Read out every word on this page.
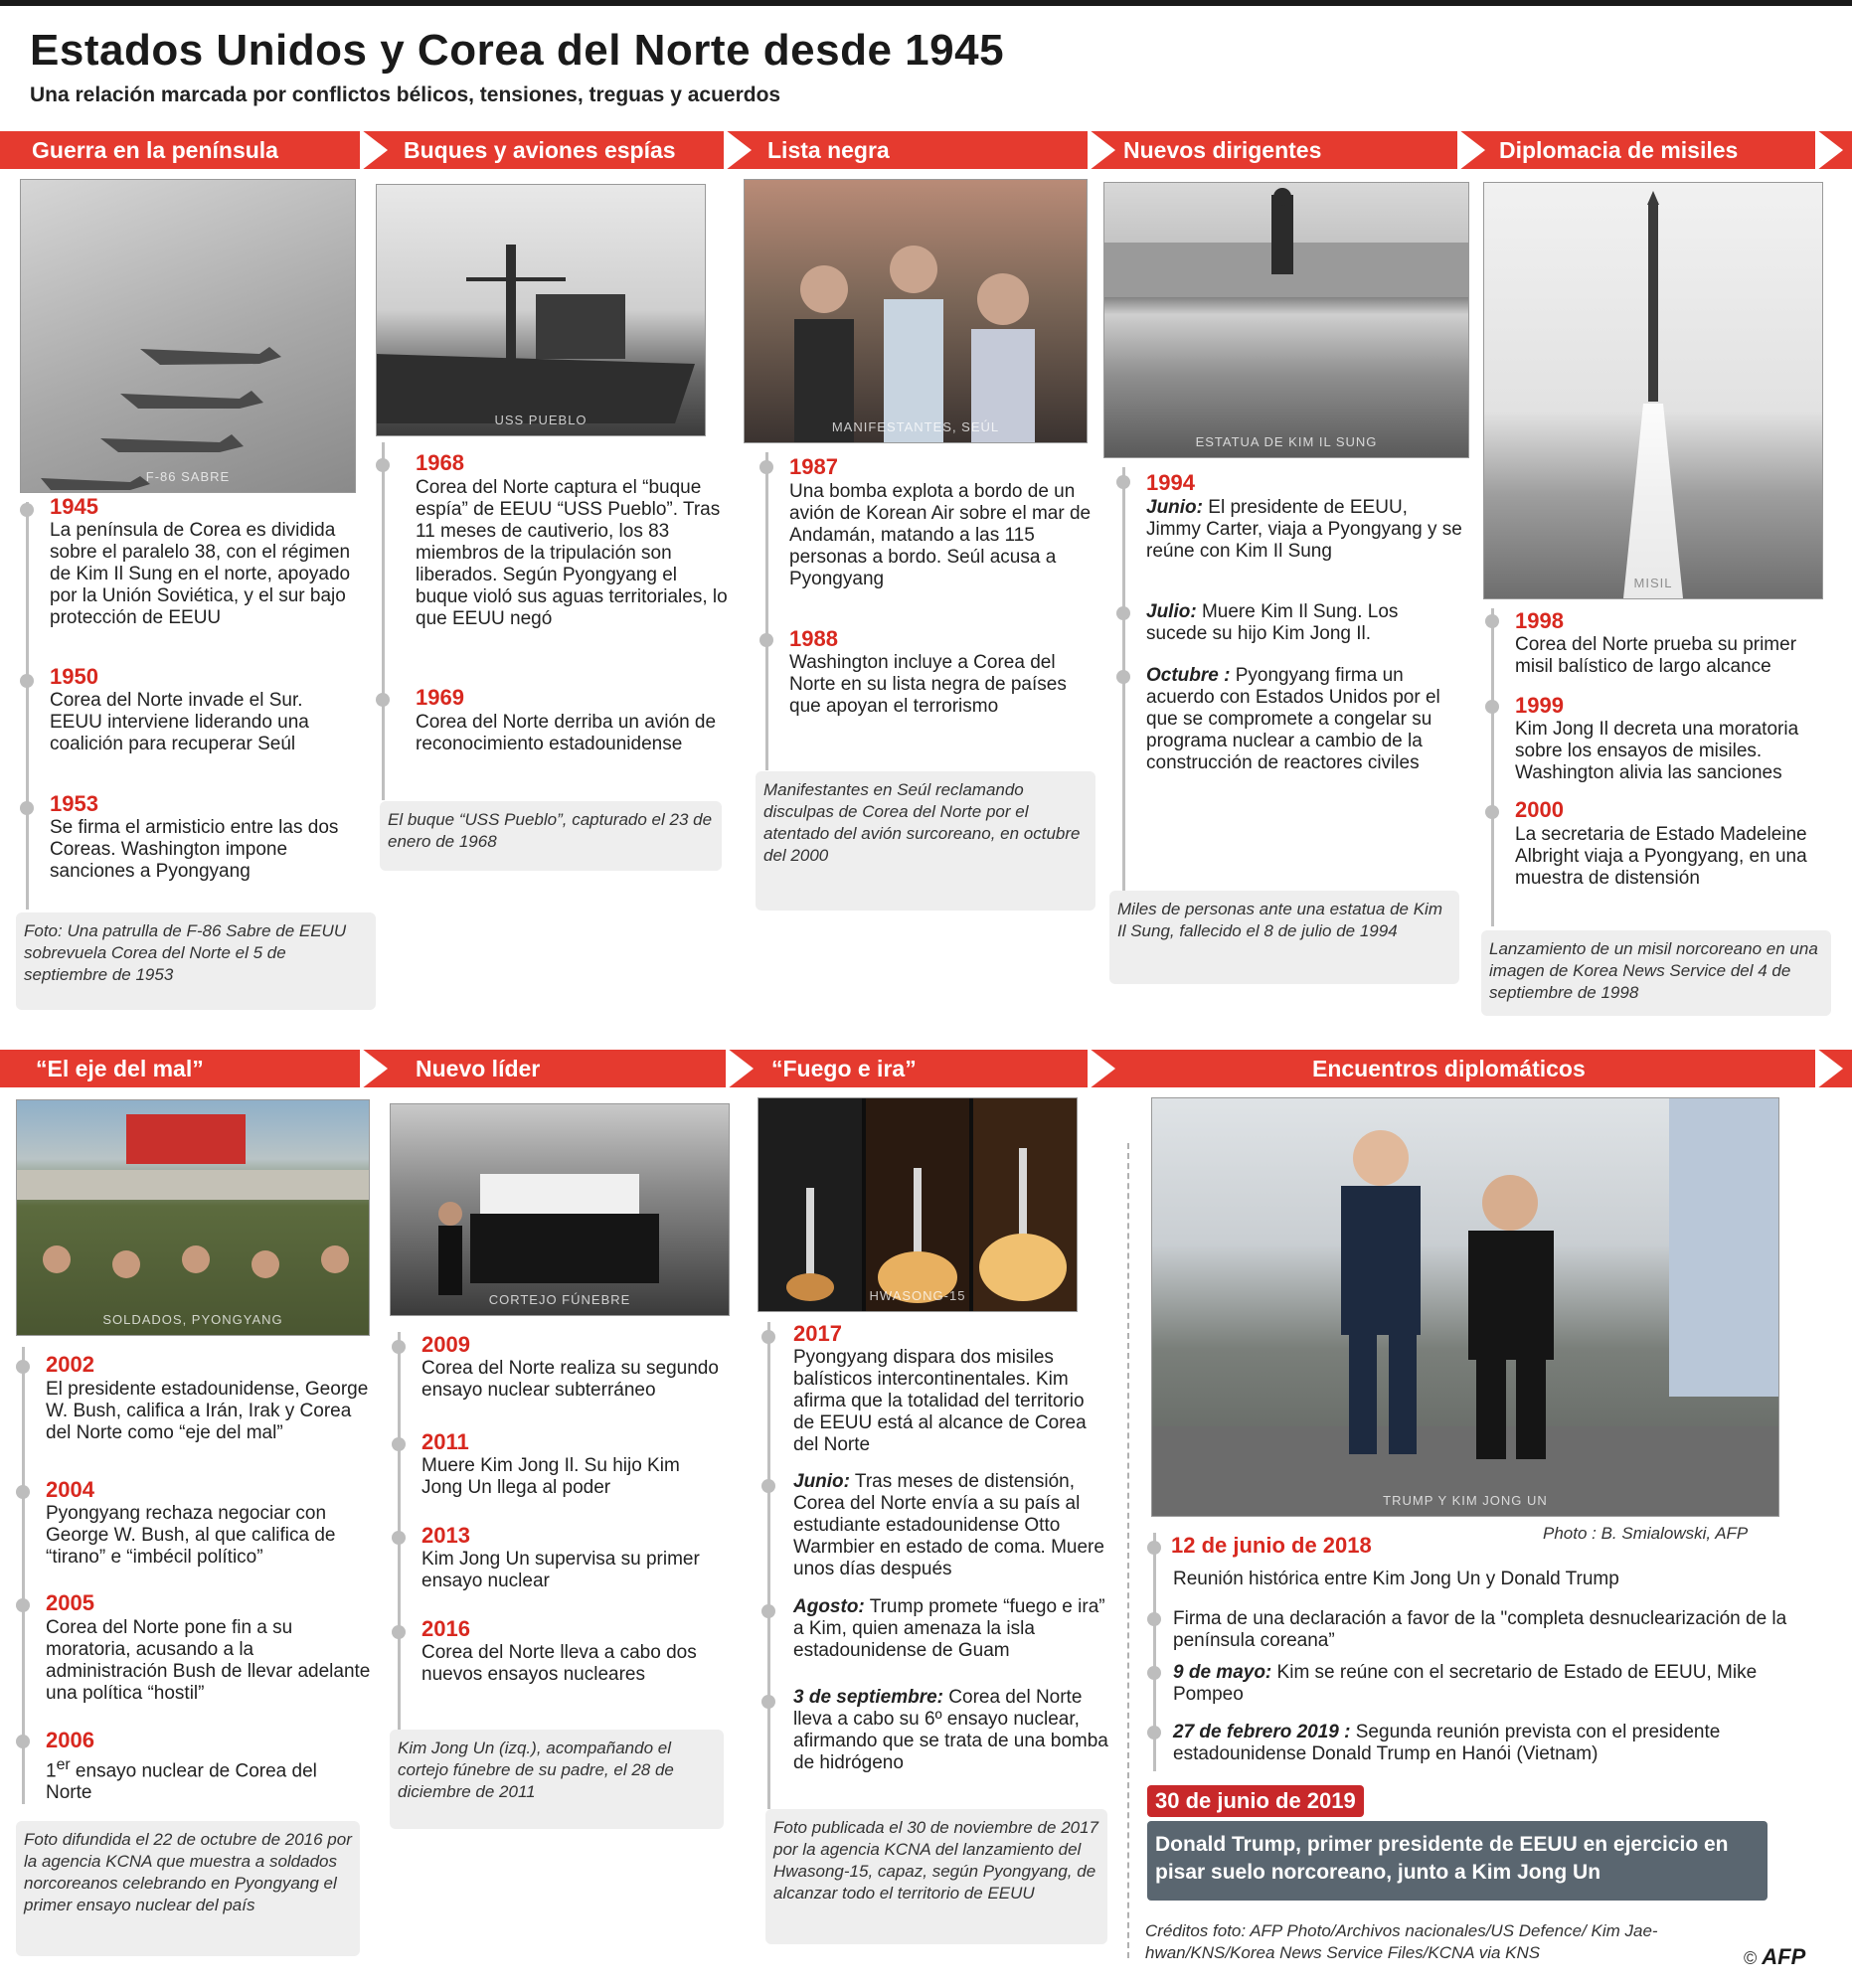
Estados Unidos y Corea del Norte desde 1945
Una relación marcada por conflictos bélicos, tensiones, treguas y acuerdos
Guerra en la península	Buques y aviones espías	Lista negra	Nuevos dirigentes	Diplomacia de misiles
F-86 SABRE
1945
La península de Corea es dividida sobre el paralelo 38, con el régimen de Kim Il Sung en el norte, apoyado por la Unión Soviética, y el sur bajo protección de EEUU
1950
Corea del Norte invade el Sur. EEUU interviene liderando una coalición para recuperar Seúl
1953
Se firma el armisticio entre las dos Coreas. Washington impone sanciones a Pyongyang
Foto: Una patrulla de F-86 Sabre de EEUU sobrevuela Corea del Norte el 5 de septiembre de 1953
USS PUEBLO
1968
Corea del Norte captura el “buque espía” de EEUU “USS Pueblo”. Tras 11 meses de cautiverio, los 83 miembros de la tripulación son liberados. Según Pyongyang el buque violó sus aguas territoriales, lo que EEUU negó
1969
Corea del Norte derriba un avión de reconocimiento estadounidense
El buque “USS Pueblo”, capturado el 23 de enero de 1968
MANIFESTANTES, SEÚL
1987
Una bomba explota a bordo de un avión de Korean Air sobre el mar de Andamán, matando a las 115 personas a bordo. Seúl acusa a Pyongyang
1988
Washington incluye a Corea del Norte en su lista negra de países que apoyan el terrorismo
Manifestantes en Seúl reclamando disculpas de Corea del Norte por el atentado del avión surcoreano, en octubre del 2000
ESTATUA DE KIM IL SUNG
1994
Junio: El presidente de EEUU, Jimmy Carter, viaja a Pyongyang y se reúne con Kim Il Sung
Julio: Muere Kim Il Sung. Los sucede su hijo Kim Jong Il.
Octubre : Pyongyang firma un acuerdo con Estados Unidos por el que se compromete a congelar su programa nuclear a cambio de la construcción de reactores civiles
Miles de personas ante una estatua de Kim Il Sung, fallecido el 8 de julio de 1994
MISIL
1998
Corea del Norte prueba su primer misil balístico de largo alcance
1999
Kim Jong Il decreta una moratoria sobre los ensayos de misiles. Washington alivia las sanciones
2000
La secretaria de Estado Madeleine Albright viaja a Pyongyang, en una muestra de distensión
Lanzamiento de un misil norcoreano en una imagen de Korea News Service del 4 de septiembre de 1998
“El eje del mal”	Nuevo líder	“Fuego e ira”	Encuentros diplomáticos
SOLDADOS, PYONGYANG
2002
El presidente estadounidense, George W. Bush, califica a Irán, Irak y Corea del Norte como “eje del mal”
2004
Pyongyang rechaza negociar con George W. Bush, al que califica de “tirano” e “imbécil político”
2005
Corea del Norte pone fin a su moratoria, acusando a la administración Bush de llevar adelante una política “hostil”
2006
1er ensayo nuclear de Corea del Norte
Foto difundida el 22 de octubre de 2016 por la agencia KCNA que muestra a soldados norcoreanos celebrando en Pyongyang el primer ensayo nuclear del país
CORTEJO FÚNEBRE
2009
Corea del Norte realiza su segundo ensayo nuclear subterráneo
2011
Muere Kim Jong Il. Su hijo Kim Jong Un llega al poder
2013
Kim Jong Un supervisa su primer ensayo nuclear
2016
Corea del Norte lleva a cabo dos nuevos ensayos nucleares
Kim Jong Un (izq.), acompañando el cortejo fúnebre de su padre, el 28 de diciembre de 2011
HWASONG-15
2017
Pyongyang dispara dos misiles balísticos intercontinentales. Kim afirma que la totalidad del territorio de EEUU está al alcance de Corea del Norte
Junio: Tras meses de distensión, Corea del Norte envía a su país al estudiante estadounidense Otto Warmbier en estado de coma. Muere unos días después
Agosto: Trump promete “fuego e ira” a Kim, quien amenaza la isla estadounidense de Guam
3 de septiembre: Corea del Norte lleva a cabo su 6º ensayo nuclear, afirmando que se trata de una bomba de hidrógeno
Foto publicada el 30 de noviembre de 2017 por la agencia KCNA del lanzamiento del Hwasong-15, capaz, según Pyongyang, de alcanzar todo el territorio de EEUU
TRUMP Y KIM JONG UN
Photo : B. Smialowski, AFP
12 de junio de 2018
Reunión histórica entre Kim Jong Un y Donald Trump
Firma de una declaración a favor de la "completa desnuclearización de la península coreana”
9 de mayo: Kim se reúne con el secretario de Estado de EEUU, Mike Pompeo
27 de febrero 2019 : Segunda reunión prevista con el presidente estadounidense Donald Trump en Hanói (Vietnam)
30 de junio de 2019
Donald Trump, primer presidente de EEUU en ejercicio en pisar suelo norcoreano, junto a Kim Jong Un
Créditos foto: AFP Photo/Archivos nacionales/US Defence/ Kim Jae-hwan/KNS/Korea News Service Files/KCNA via KNS	© AFP
